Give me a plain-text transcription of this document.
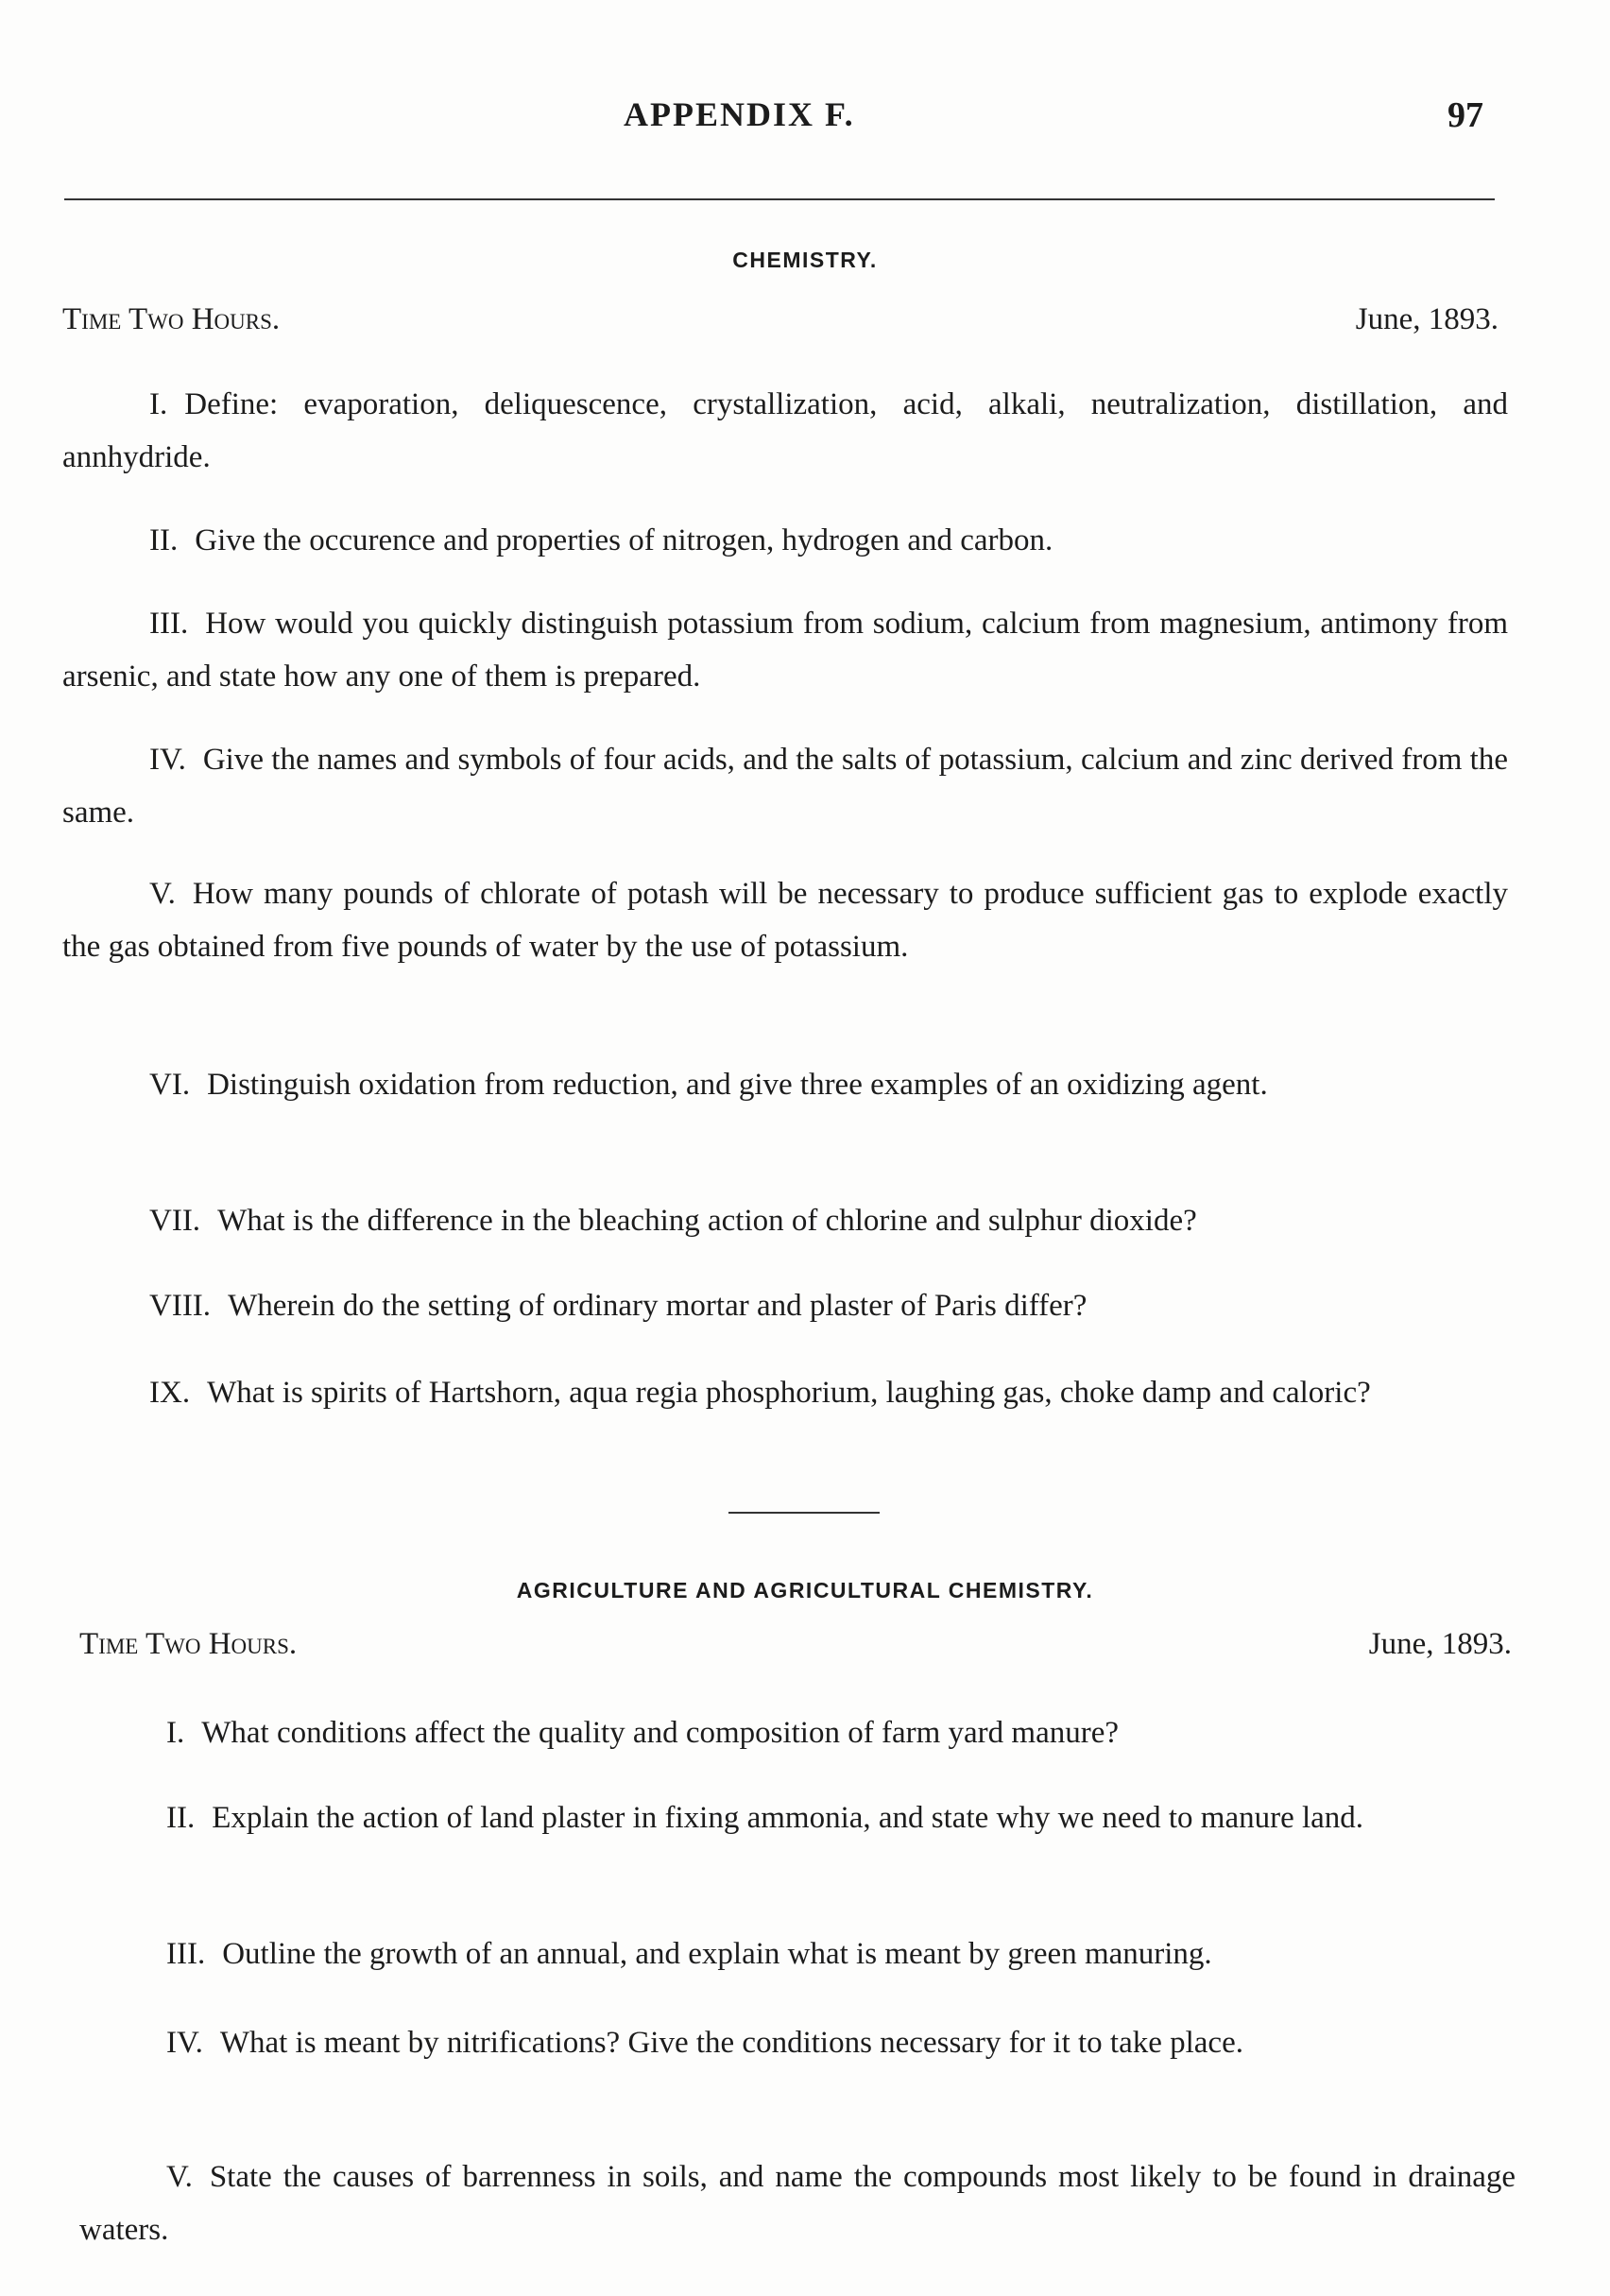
APPENDIX F.	97
CHEMISTRY.
Time Two Hours.	June, 1893.
I. Define: evaporation, deliquescence, crystallization, acid, alkali, neutralization, distillation, and annhydride.
II. Give the occurence and properties of nitrogen, hydrogen and carbon.
III. How would you quickly distinguish potassium from sodium, calcium from magnesium, antimony from arsenic, and state how any one of them is prepared.
IV. Give the names and symbols of four acids, and the salts of potassium, calcium and zinc derived from the same.
V. How many pounds of chlorate of potash will be necessary to produce sufficient gas to explode exactly the gas obtained from five pounds of water by the use of potassium.
VI. Distinguish oxidation from reduction, and give three examples of an oxidizing agent.
VII. What is the difference in the bleaching action of chlorine and sulphur dioxide?
VIII. Wherein do the setting of ordinary mortar and plaster of Paris differ?
IX. What is spirits of Hartshorn, aqua regia phosphorium, laughing gas, choke damp and caloric?
AGRICULTURE AND AGRICULTURAL CHEMISTRY.
Time Two Hours.	June, 1893.
I. What conditions affect the quality and composition of farm yard manure?
II. Explain the action of land plaster in fixing ammonia, and state why we need to manure land.
III. Outline the growth of an annual, and explain what is meant by green manuring.
IV. What is meant by nitrifications? Give the conditions necessary for it to take place.
V. State the causes of barrenness in soils, and name the compounds most likely to be found in drainage waters.
